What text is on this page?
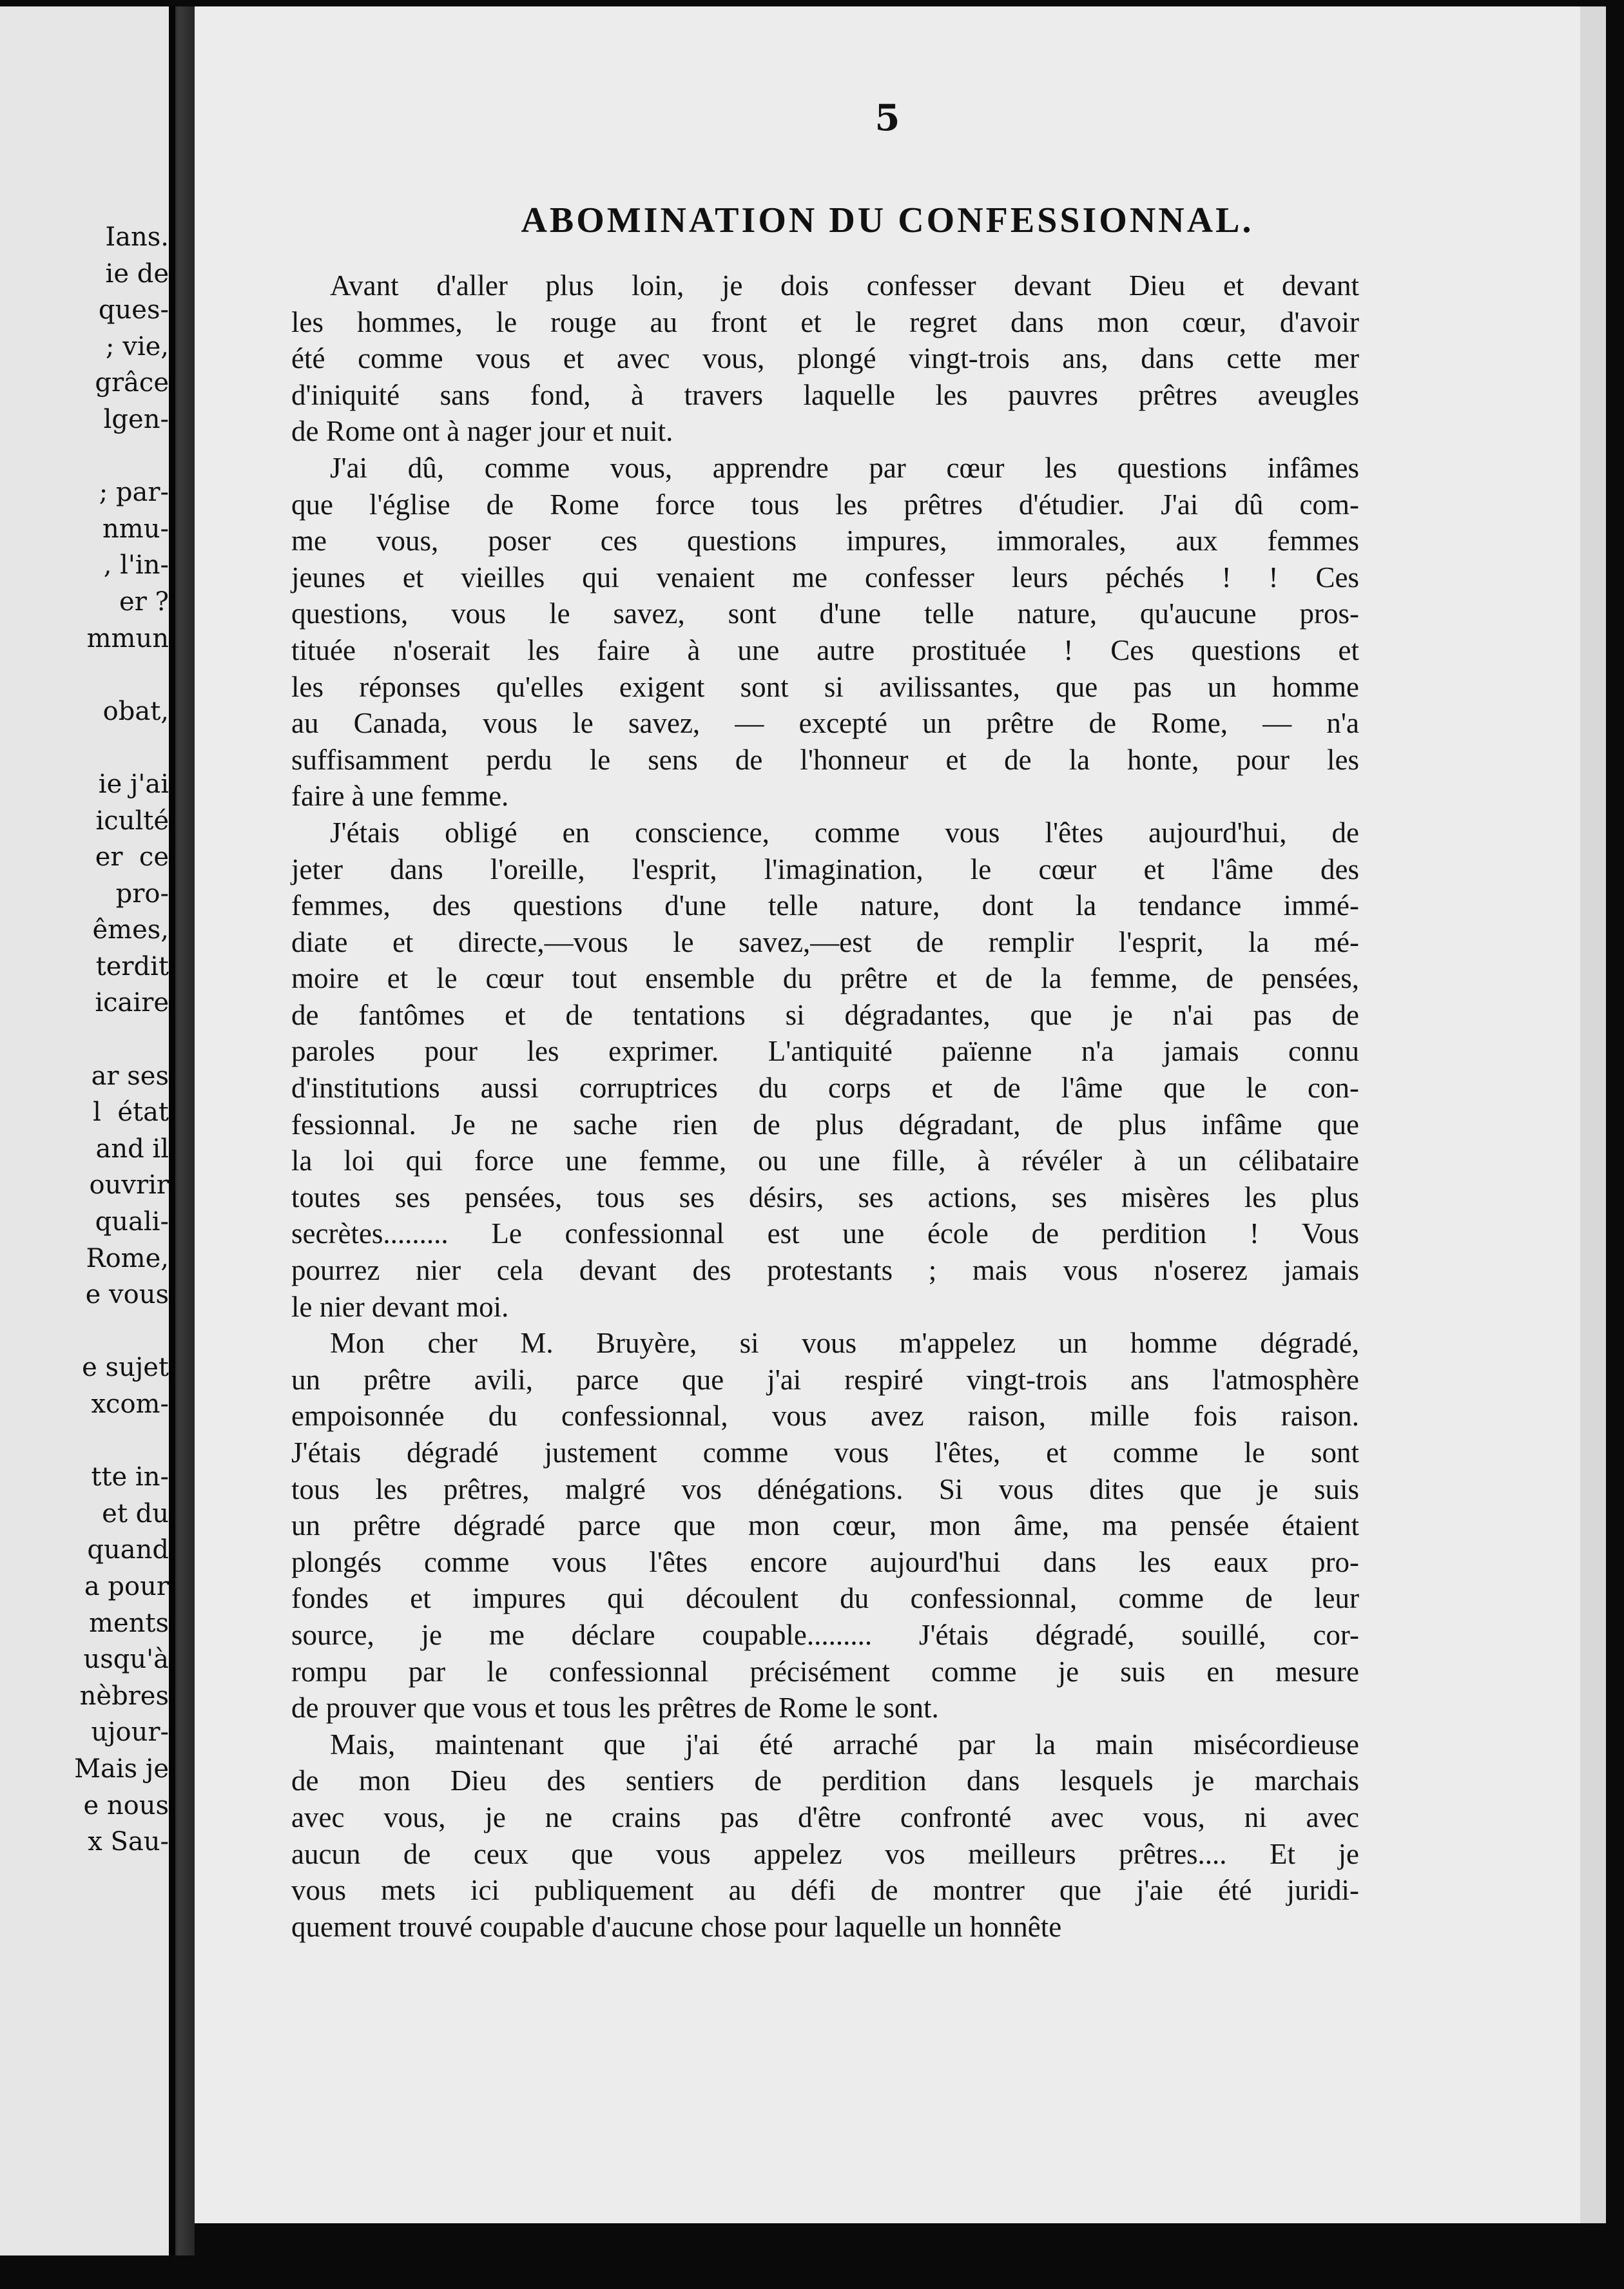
Ians.
ie de
ques-
; vie,
grâce
lgen-
; par-
nmu-
, l'in-
er ?
mmun
obat,
ie j'ai
iculté
er  ce
pro-
êmes,
terdit
icaire
ar ses
l  état
and il
ouvrir
quali-
Rome,
e vous
e sujet
xcom-
tte in-
et du
quand
a pour
ments
usqu'à
nèbres
ujour-
Mais je
e nous
x Sau-

5

ABOMINATION DU CONFESSIONNAL.
Avant d'aller plus loin, je dois confesser devant Dieu et devant
les hommes, le rouge au front et le regret dans mon cœur, d'avoir
été comme vous et avec vous, plongé vingt-trois ans, dans cette mer
d'iniquité sans fond, à travers laquelle les pauvres prêtres aveugles
de Rome ont à nager jour et nuit.
J'ai dû, comme vous, apprendre par cœur les questions infâmes
que l'église de Rome force tous les prêtres d'étudier. J'ai dû com-
me vous, poser ces questions impures, immorales, aux femmes
jeunes et vieilles qui venaient me confesser leurs péchés ! ! Ces
questions, vous le savez, sont d'une telle nature, qu'aucune pros-
tituée n'oserait les faire à une autre prostituée ! Ces questions et
les réponses qu'elles exigent sont si avilissantes, que pas un homme
au Canada, vous le savez, — excepté un prêtre de Rome, — n'a
suffisamment perdu le sens de l'honneur et de la honte, pour les
faire à une femme.
J'étais obligé en conscience, comme vous l'êtes aujourd'hui, de
jeter dans l'oreille, l'esprit, l'imagination, le cœur et l'âme des
femmes, des questions d'une telle nature, dont la tendance immé-
diate et directe,—vous le savez,—est de remplir l'esprit, la mé-
moire et le cœur tout ensemble du prêtre et de la femme, de pensées,
de fantômes et de tentations si dégradantes, que je n'ai pas de
paroles pour les exprimer. L'antiquité païenne n'a jamais connu
d'institutions aussi corruptrices du corps et de l'âme que le con-
fessionnal. Je ne sache rien de plus dégradant, de plus infâme que
la loi qui force une femme, ou une fille, à révéler à un célibataire
toutes ses pensées, tous ses désirs, ses actions, ses misères les plus
secrètes......... Le confessionnal est une école de perdition ! Vous
pourrez nier cela devant des protestants ; mais vous n'oserez jamais
le nier devant moi.
Mon cher M. Bruyère, si vous m'appelez un homme dégradé,
un prêtre avili, parce que j'ai respiré vingt-trois ans l'atmosphère
empoisonnée du confessionnal, vous avez raison, mille fois raison.
J'étais dégradé justement comme vous l'êtes, et comme le sont
tous les prêtres, malgré vos dénégations. Si vous dites que je suis
un prêtre dégradé parce que mon cœur, mon âme, ma pensée étaient
plongés comme vous l'êtes encore aujourd'hui dans les eaux pro-
fondes et impures qui découlent du confessionnal, comme de leur
source, je me déclare coupable......... J'étais dégradé, souillé, cor-
rompu par le confessionnal précisément comme je suis en mesure
de prouver que vous et tous les prêtres de Rome le sont.
Mais, maintenant que j'ai été arraché par la main misécordieuse
de mon Dieu des sentiers de perdition dans lesquels je marchais
avec vous, je ne crains pas d'être confronté avec vous, ni avec
aucun de ceux que vous appelez vos meilleurs prêtres.... Et je
vous mets ici publiquement au défi de montrer que j'aie été juridi-
quement trouvé coupable d'aucune chose pour laquelle un honnête
